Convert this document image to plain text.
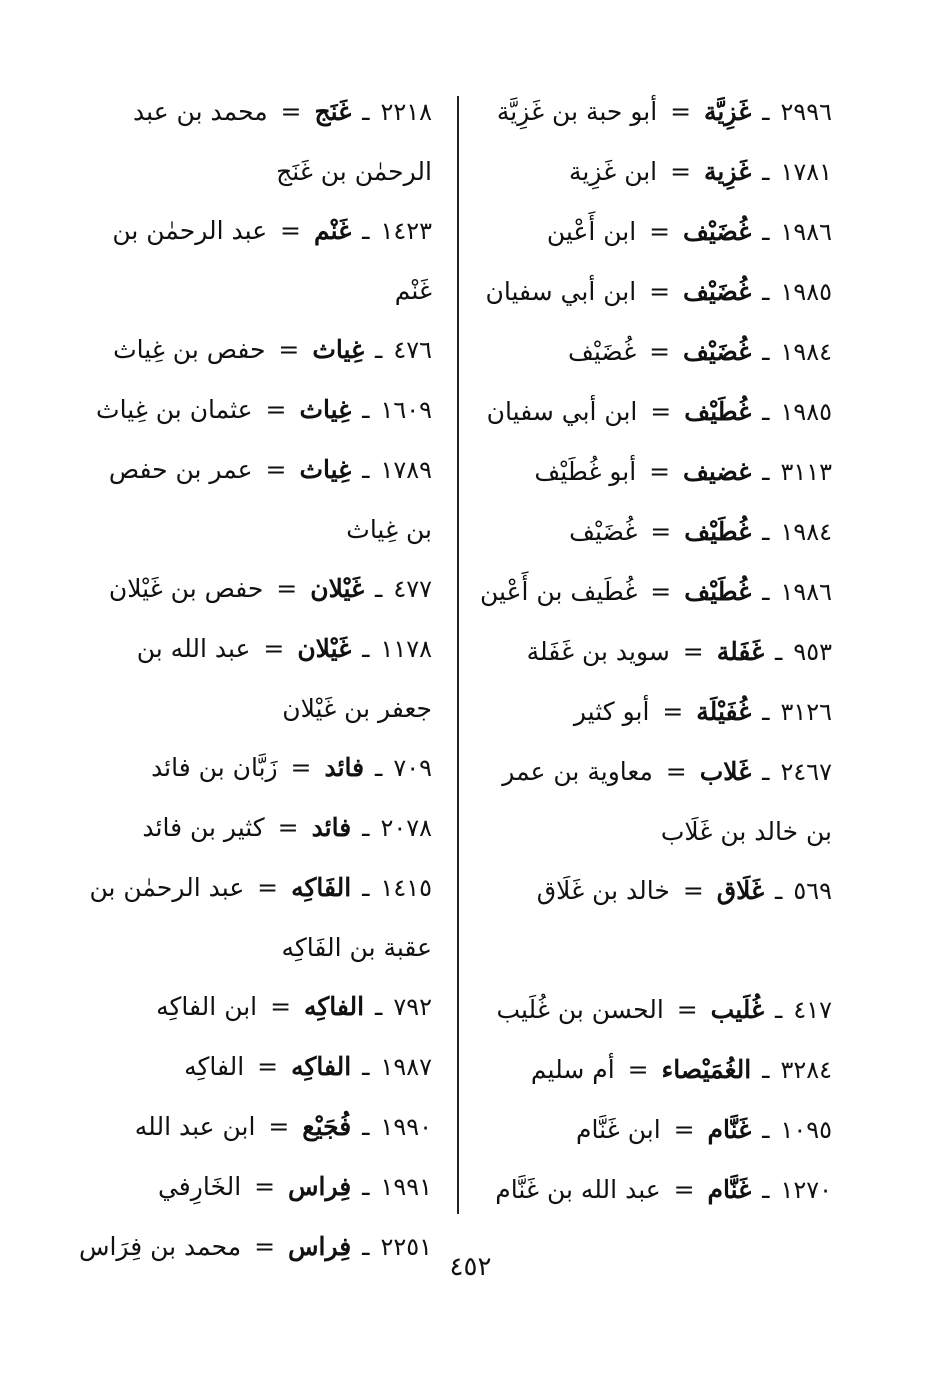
٢٩٩٦ ـ غَزِيَّة = أبو حبة بن غَزِيَّة
١٧٨١ ـ غَزِية = ابن غَزِية
١٩٨٦ ـ غُضَيْف = ابن أَعْين
١٩٨٥ ـ غُضَيْف = ابن أبي سفيان
١٩٨٤ ـ غُضَيْف = غُضَيْف
١٩٨٥ ـ غُطَيْف = ابن أبي سفيان
٣١١٣ ـ غضيف = أبو غُطَيْف
١٩٨٤ ـ غُطَيْف = غُضَيْف
١٩٨٦ ـ غُطَيْف = غُطَيف بن أَعْين
٩٥٣ ـ غَفَلة = سويد بن غَفَلة
٣١٢٦ ـ غُفَيْلَة = أبو كثير
٢٤٦٧ ـ غَلاب = معاوية بن عمر بن خالد بن غَلَاب
٥٦٩ ـ غَلَاق = خالد بن غَلَاق
٤١٧ ـ غُلَيب = الحسن بن غُلَيب
٣٢٨٤ ـ الغُمَيْصاء = أم سليم
١٠٩٥ ـ غَنَّام = ابن غَنَّام
١٢٧٠ ـ غَنَّام = عبد الله بن غَنَّام
٢٢١٨ ـ غَنَج = محمد بن عبد الرحمٰن بن غَنَج
١٤٢٣ ـ غَنْم = عبد الرحمٰن بن غَنْم
٤٧٦ ـ غِياث = حفص بن غِياث
١٦٠٩ ـ غِياث = عثمان بن غِياث
١٧٨٩ ـ غِياث = عمر بن حفص بن غِياث
٤٧٧ ـ غَيْلان = حفص بن غَيْلان
١١٧٨ ـ غَيْلان = عبد الله بن جعفر بن غَيْلان
٧٠٩ ـ فائد = زَبَّان بن فائد
٢٠٧٨ ـ فائد = كثير بن فائد
١٤١٥ ـ الفَاكِه = عبد الرحمٰن بن عقبة بن الفَاكِه
٧٩٢ ـ الفاكِه = ابن الفاكِه
١٩٨٧ ـ الفاكِه = الفاكِه
١٩٩٠ ـ فُجَيْع = ابن عبد الله
١٩٩١ ـ فِراس = الخَارِفي
٢٢٥١ ـ فِراس = محمد بن فِرَاس
٤٥٢
